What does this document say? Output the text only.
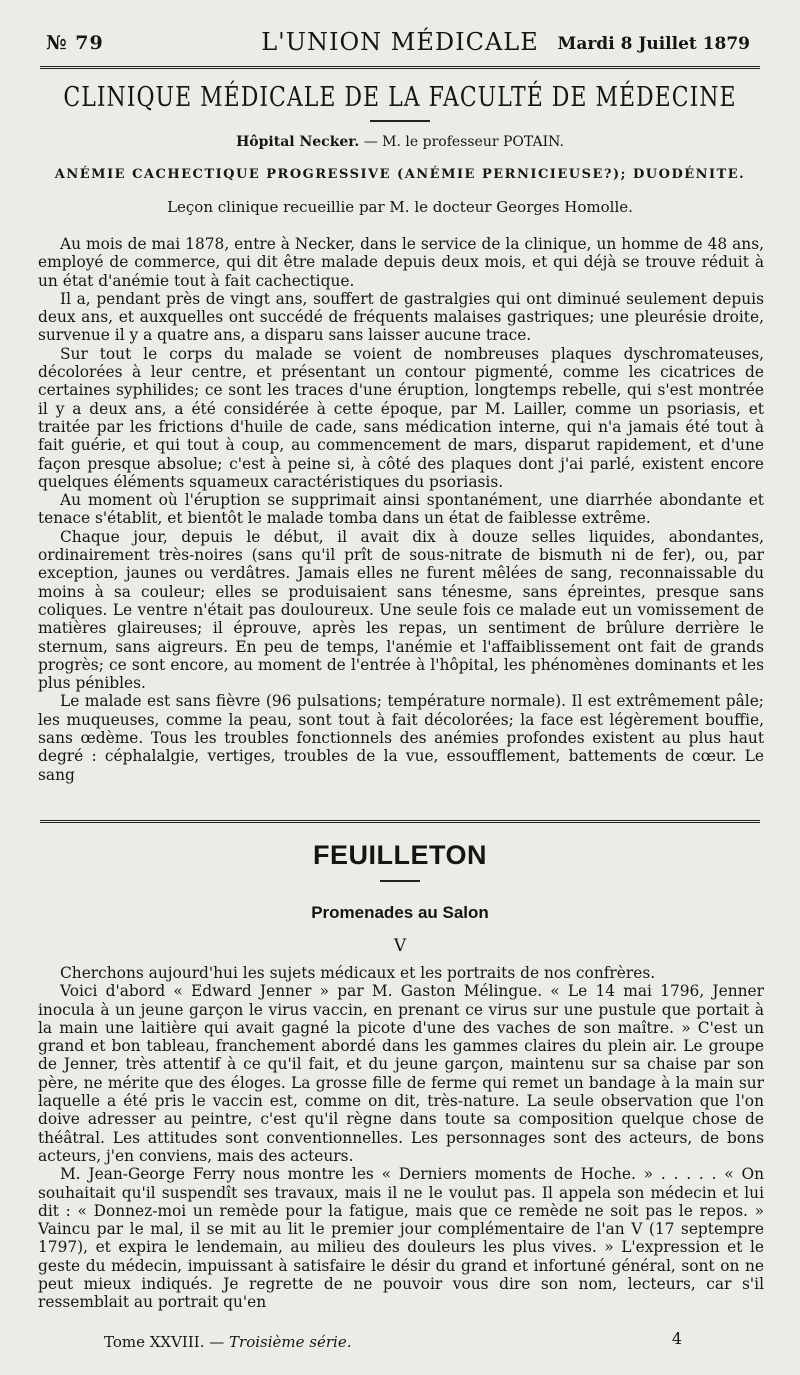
№ 79	L'UNION MÉDICALE	Mardi 8 Juillet 1879
CLINIQUE MÉDICALE DE LA FACULTÉ DE MÉDECINE
Hôpital Necker. — M. le professeur POTAIN.
ANÉMIE CACHECTIQUE PROGRESSIVE (ANÉMIE PERNICIEUSE?); DUODÉNITE.
Leçon clinique recueillie par M. le docteur Georges Homolle.

Au mois de mai 1878, entre à Necker, dans le service de la clinique, un homme de 48 ans, employé de commerce, qui dit être malade depuis deux mois, et qui déjà se trouve réduit à un état d'anémie tout à fait cachectique.

Il a, pendant près de vingt ans, souffert de gastralgies qui ont diminué seulement depuis deux ans, et auxquelles ont succédé de fréquents malaises gastriques; une pleurésie droite, survenue il y a quatre ans, a disparu sans laisser aucune trace.

Sur tout le corps du malade se voient de nombreuses plaques dyschromateuses, décolorées à leur centre, et présentant un contour pigmenté, comme les cicatrices de certaines syphilides; ce sont les traces d'une éruption, longtemps rebelle, qui s'est montrée il y a deux ans, a été considérée à cette époque, par M. Lailler, comme un psoriasis, et traitée par les frictions d'huile de cade, sans médication interne, qui n'a jamais été tout à fait guérie, et qui tout à coup, au commencement de mars, disparut rapidement, et d'une façon presque absolue; c'est à peine si, à côté des plaques dont j'ai parlé, existent encore quelques éléments squameux caractéristiques du psoriasis.

Au moment où l'éruption se supprimait ainsi spontanément, une diarrhée abondante et tenace s'établit, et bientôt le malade tomba dans un état de faiblesse extrême.

Chaque jour, depuis le début, il avait dix à douze selles liquides, abondantes, ordinairement très-noires (sans qu'il prît de sous-nitrate de bismuth ni de fer), ou, par exception, jaunes ou verdâtres. Jamais elles ne furent mêlées de sang, reconnaissable du moins à sa couleur; elles se produisaient sans ténesme, sans épreintes, presque sans coliques. Le ventre n'était pas douloureux. Une seule fois ce malade eut un vomissement de matières glaireuses; il éprouve, après les repas, un sentiment de brûlure derrière le sternum, sans aigreurs. En peu de temps, l'anémie et l'affaiblissement ont fait de grands progrès; ce sont encore, au moment de l'entrée à l'hôpital, les phénomènes dominants et les plus pénibles.

Le malade est sans fièvre (96 pulsations; température normale). Il est extrêmement pâle; les muqueuses, comme la peau, sont tout à fait décolorées; la face est légèrement bouffie, sans œdème. Tous les troubles fonctionnels des anémies profondes existent au plus haut degré : céphalalgie, vertiges, troubles de la vue, essoufflement, battements de cœur. Le sang

FEUILLETON
Promenades au Salon
V

Cherchons aujourd'hui les sujets médicaux et les portraits de nos confrères.

Voici d'abord « Edward Jenner » par M. Gaston Mélingue. « Le 14 mai 1796, Jenner inocula à un jeune garçon le virus vaccin, en prenant ce virus sur une pustule que portait à la main une laitière qui avait gagné la picote d'une des vaches de son maître. » C'est un grand et bon tableau, franchement abordé dans les gammes claires du plein air. Le groupe de Jenner, très attentif à ce qu'il fait, et du jeune garçon, maintenu sur sa chaise par son père, ne mérite que des éloges. La grosse fille de ferme qui remet un bandage à la main sur laquelle a été pris le vaccin est, comme on dit, très-nature. La seule observation que l'on doive adresser au peintre, c'est qu'il règne dans toute sa composition quelque chose de théâtral. Les attitudes sont conventionnelles. Les personnages sont des acteurs, de bons acteurs, j'en conviens, mais des acteurs.

M. Jean-George Ferry nous montre les « Derniers moments de Hoche. » . . . . . « On souhaitait qu'il suspendît ses travaux, mais il ne le voulut pas. Il appela son médecin et lui dit : « Donnez-moi un remède pour la fatigue, mais que ce remède ne soit pas le repos. » Vaincu par le mal, il se mit au lit le premier jour complémentaire de l'an V (17 septempre 1797), et expira le lendemain, au milieu des douleurs les plus vives. » L'expression et le geste du médecin, impuissant à satisfaire le désir du grand et infortuné général, sont on ne peut mieux indiqués. Je regrette de ne pouvoir vous dire son nom, lecteurs, car s'il ressemblait au portrait qu'en

Tome XXVIII. — Troisième série.	4
